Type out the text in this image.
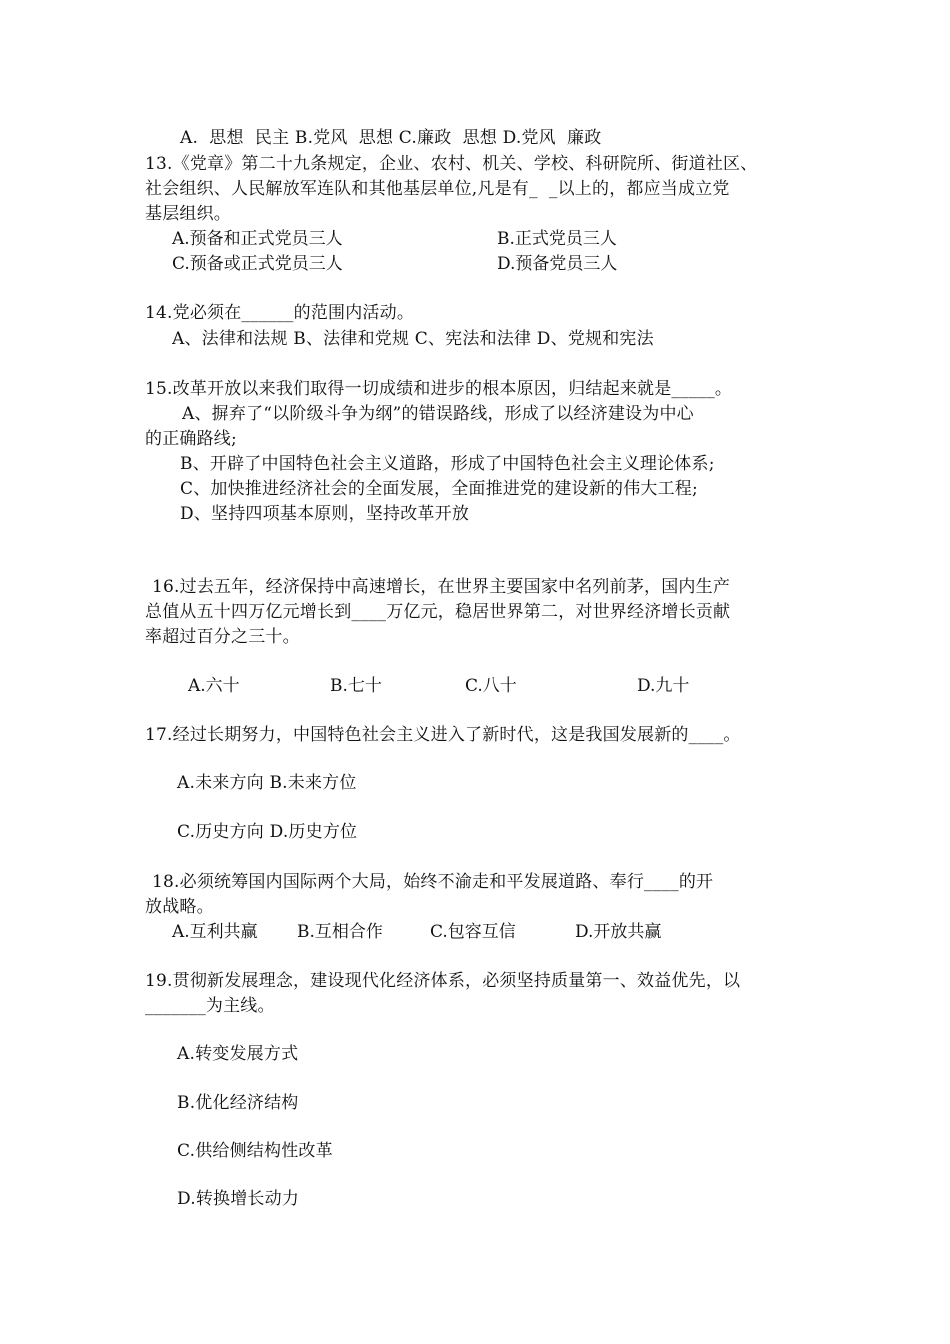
A.  思想  民主 B.党风  思想 C.廉政  思想 D.党风  廉政
13.《党章》第二十九条规定，企业、农村、机关、学校、科研院所、街道社区、
社会组织、人民解放军连队和其他基层单位,凡是有_  _以上的，都应当成立党
基层组织。
A.预备和正式党员三人	B.正式党员三人
C.预备或正式党员三人	D.预备党员三人
14.党必须在______的范围内活动。
A、法律和法规 B、法律和党规 C、宪法和法律 D、党规和宪法
15.改革开放以来我们取得一切成绩和进步的根本原因，归结起来就是_____。
A、摒弃了“以阶级斗争为纲”的错误路线，形成了以经济建设为中心
的正确路线;
B、开辟了中国特色社会主义道路，形成了中国特色社会主义理论体系;
C、加快推进经济社会的全面发展，全面推进党的建设新的伟大工程;
D、坚持四项基本原则，坚持改革开放
16.过去五年，经济保持中高速增长，在世界主要国家中名列前茅，国内生产
总值从五十四万亿元增长到____万亿元，稳居世界第二，对世界经济增长贡献
率超过百分之三十。
A.六十	B.七十	C.八十	D.九十
17.经过长期努力，中国特色社会主义进入了新时代，这是我国发展新的____。
A.未来方向 B.未来方位
C.历史方向 D.历史方位
18.必须统筹国内国际两个大局，始终不渝走和平发展道路、奉行____的开
放战略。
A.互利共赢 B.互相合作	C.包容互信	D.开放共赢
19.贯彻新发展理念，建设现代化经济体系，必须坚持质量第一、效益优先，以
_______为主线。
A.转变发展方式
B.优化经济结构
C.供给侧结构性改革
D.转换增长动力
